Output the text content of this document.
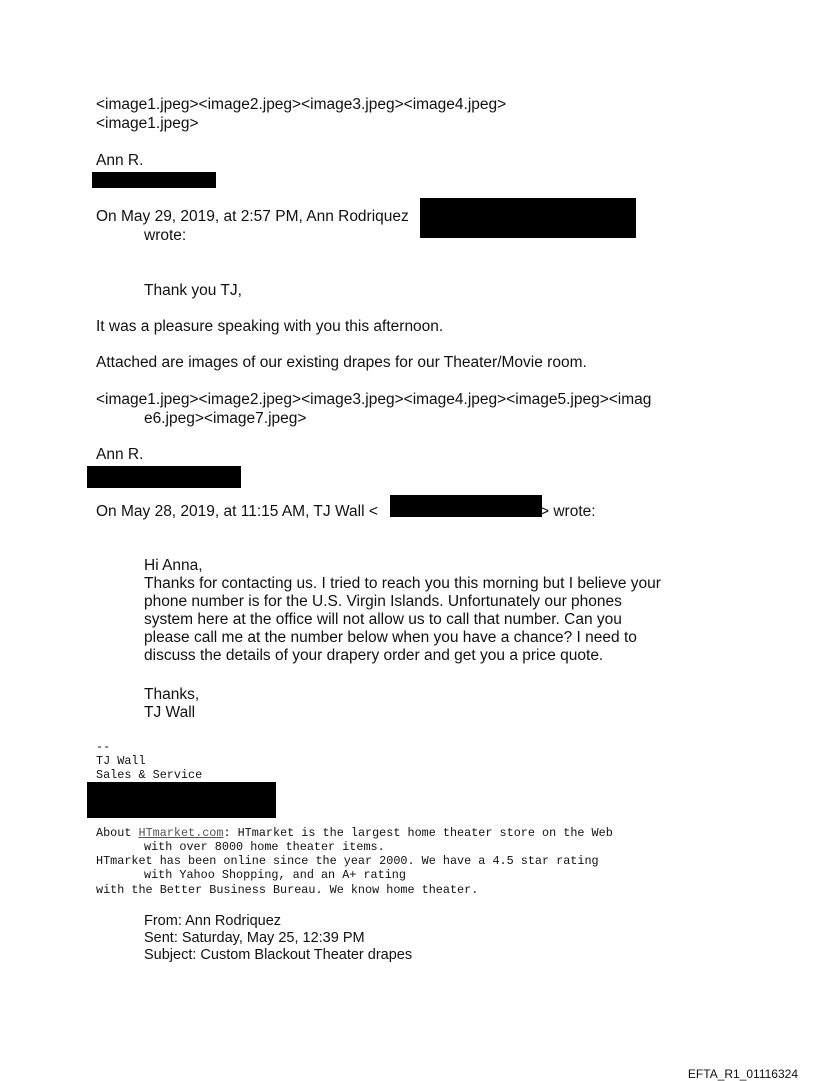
<image1.jpeg><image2.jpeg><image3.jpeg><image4.jpeg>

<image1.jpeg>

Ann R.

On May 29, 2019, at 2:57 PM, Ann Rodriquez

wrote:

Thank you TJ,

It was a pleasure speaking with you this afternoon.

Attached are images of our existing drapes for our Theater/Movie room.

<image1.jpeg><image2.jpeg><image3.jpeg><image4.jpeg><image5.jpeg><imag

e6.jpeg><image7.jpeg>

Ann R.

On May 28, 2019, at 11:15 AM, TJ Wall <	> wrote:

Hi Anna,

Thanks for contacting us. I tried to reach you this morning but I believe your phone number is for the U.S. Virgin Islands. Unfortunately our phones system here at the office will not allow us to call that number. Can you please call me at the number below when you have a chance? I need to discuss the details of your drapery order and get you a price quote.

Thanks,

TJ Wall

--

TJ Wall

Sales & Service

About HTmarket.com: HTmarket is the largest home theater store on the Web

with over 8000 home theater items.

HTmarket has been online since the year 2000. We have a 4.5 star rating

with Yahoo Shopping, and an A+ rating

with the Better Business Bureau. We know home theater.

From: Ann Rodriquez

Sent: Saturday, May 25, 12:39 PM

Subject: Custom Blackout Theater drapes

EFTA_R1_01116324
